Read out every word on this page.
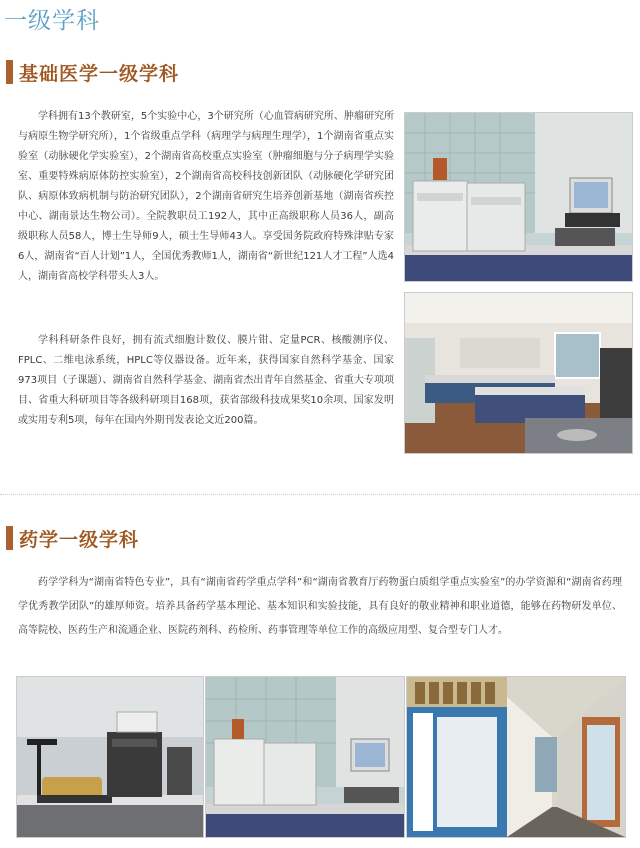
一级学科
基础医学一级学科

学科拥有13个教研室，5个实验中心，3个研究所（心血管病研究所、肿瘤研究所与病原生物学研究所），1个省级重点学科（病理学与病理生理学），1个湖南省重点实验室（动脉硬化学实验室），2个湖南省高校重点实验室（肿瘤细胞与分子病理学实验室、重要特殊病原体防控实验室），2个湖南省高校科技创新团队（动脉硬化学研究团队、病原体致病机制与防治研究团队），2个湖南省研究生培养创新基地（湖南省疾控中心、湖南景达生物公司）。全院教职员工192人，其中正高级职称人员36人，副高级职称人员58人，博士生导师9人，硕士生导师43人。享受国务院政府特殊津贴专家6人，湖南省“百人计划”1人，全国优秀教师1人，湖南省“新世纪121人才工程”人选4人，湖南省高校学科带头人3人。

学科科研条件良好，拥有流式细胞计数仪、膜片钳、定量PCR、核酸测序仪、FPLC、二维电泳系统，HPLC等仪器设备。近年来，获得国家自然科学基金、国家973项目（子课题）、湖南省自然科学基金、湖南省杰出青年自然基金、省重大专项项目、省重大科研项目等各级科研项目168项，获省部级科技成果奖10余项、国家发明或实用专利5项，每年在国内外期刊发表论文近200篇。

药学一级学科

药学学科为“湖南省特色专业”，具有“湖南省药学重点学科”和“湖南省教育厅药物蛋白质组学重点实验室”的办学资源和“湖南省药理学优秀教学团队”的雄厚师资。培养具备药学基本理论、基本知识和实验技能，具有良好的敬业精神和职业道德，能够在药物研发单位、高等院校、医药生产和流通企业、医院药剂科、药检所、药事管理等单位工作的高级应用型、复合型专门人才。
